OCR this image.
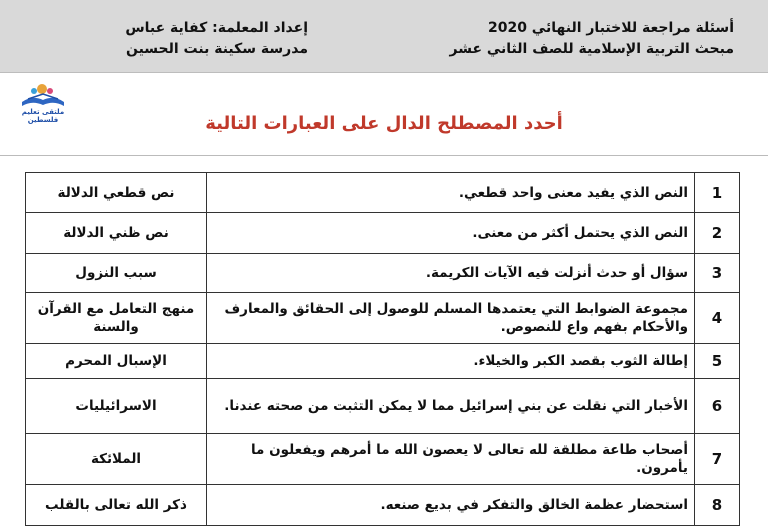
أسئلة مراجعة للاختبار النهائي 2020
مبحث التربية الإسلامية للصف الثاني عشر
إعداد المعلمة: كفاية عباس
مدرسة سكينة بنت الحسين
ملتقى تعليم فلسطين	أحدد المصطلح الدال على العبارات التالية
1	النص الذي يفيد معنى واحد قطعي.	نص قطعي الدلالة
2	النص الذي يحتمل أكثر من معنى.	نص ظني الدلالة
3	سؤال أو حدث أنزلت فيه الآيات الكريمة.	سبب النزول
4	مجموعة الضوابط التي يعتمدها المسلم للوصول إلى الحقائق والمعارف والأحكام بفهم واع للنصوص.	منهج التعامل مع القرآن والسنة
5	إطالة الثوب بقصد الكبر والخيلاء.	الإسبال المحرم
6	الأخبار التي نقلت عن بني إسرائيل مما لا يمكن التثبت من صحته عندنا.	الاسرائيليات
7	أصحاب طاعة مطلقة لله تعالى لا يعصون الله ما أمرهم ويفعلون ما يأمرون.	الملائكة
8	استحضار عظمة الخالق والتفكر في بديع صنعه.	ذكر الله تعالى بالقلب
